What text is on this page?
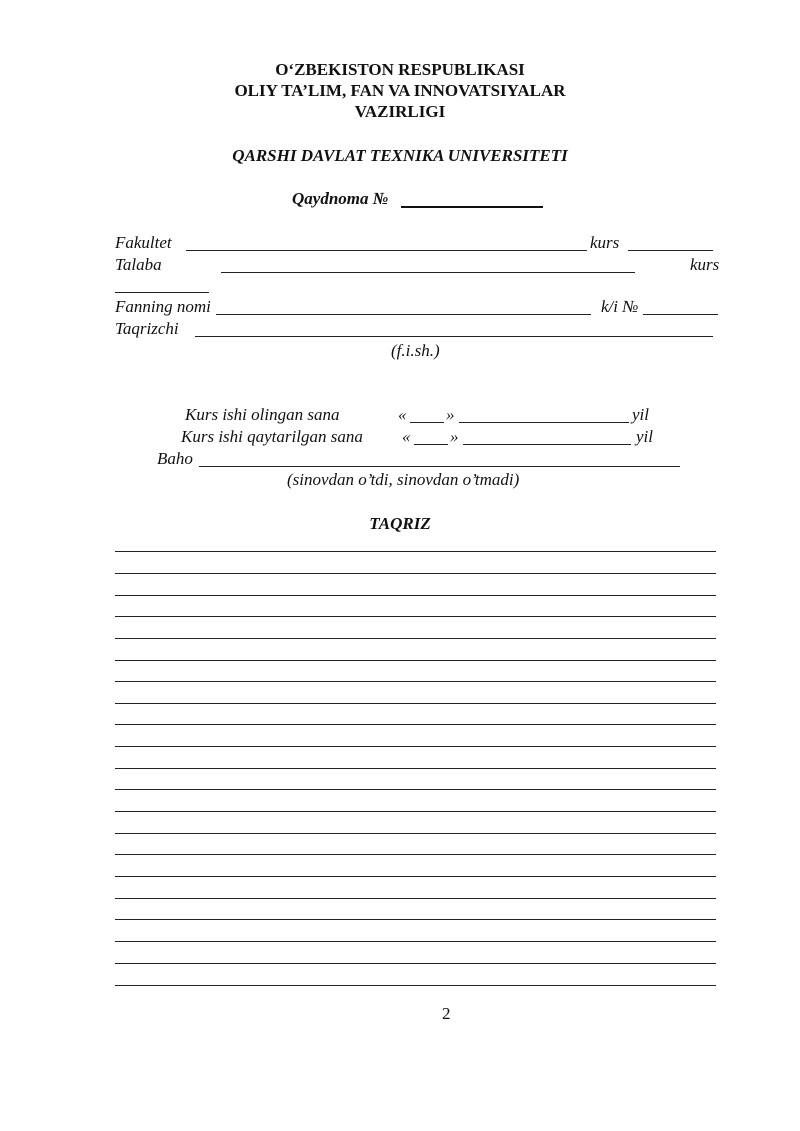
O‘ZBEKISTON RESPUBLIKASI
OLIY TA’LIM, FAN VA INNOVATSIYALAR
VAZIRLIGI
QARSHI DAVLAT TEXNIKA UNIVERSITETI
Qaydnoma №
Fakultet	kurs
Talaba	kurs
Fanning nomi	k/i №
Taqrizchi
(f.i.sh.)
Kurs ishi olingan sana	« »	yil
Kurs ishi qaytarilgan sana « »	yil
Baho
(sinovdan o’tdi, sinovdan o’tmadi)
TAQRIZ
2
